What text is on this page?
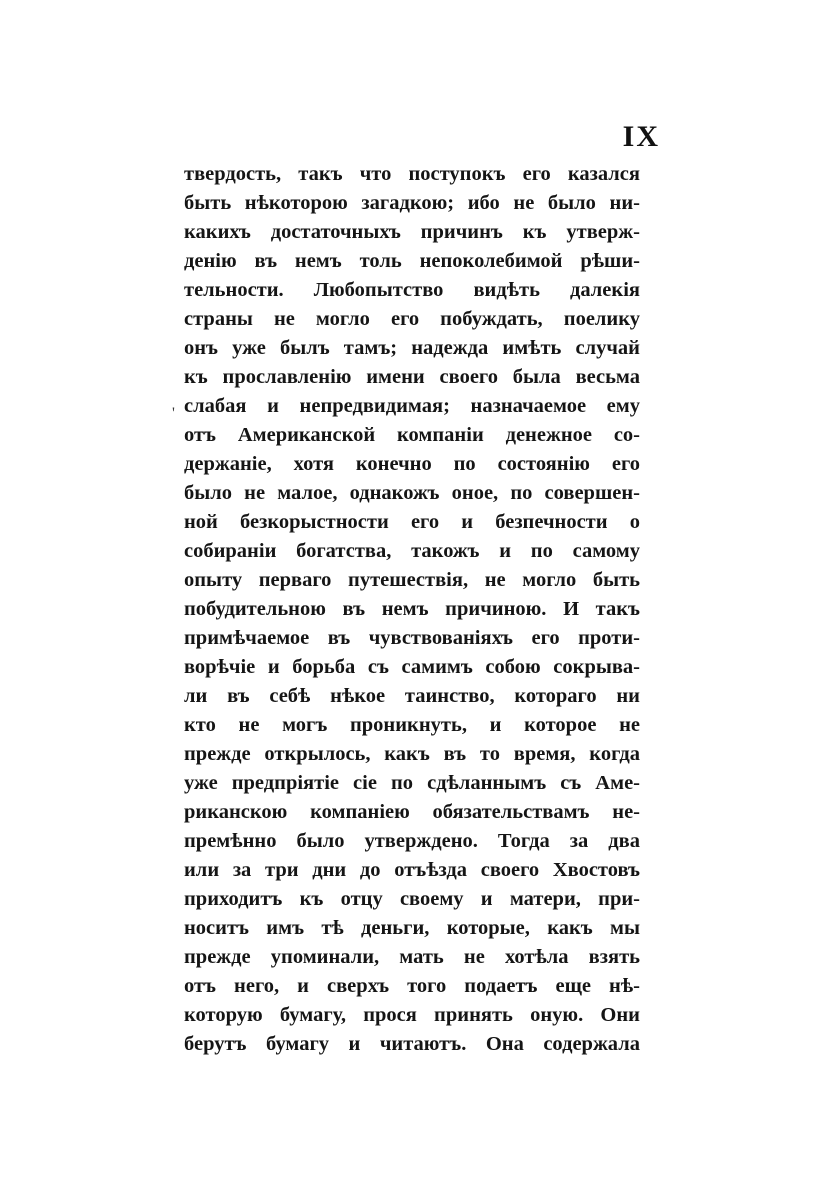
IX
'
твердость, такъ что поступокъ его казался
быть нѣкоторою загадкою; ибо не было ни-
какихъ достаточныхъ причинъ къ утверж-
денію въ немъ толь непоколебимой рѣши-
тельности. Любопытство видѣть далекія
страны не могло его побуждать, поелику
онъ уже былъ тамъ; надежда имѣть случай
къ прославленію имени своего была весьма
слабая и непредвидимая; назначаемое ему
отъ Американской компаніи денежное со-
держаніе, хотя конечно по состоянію его
было не малое, однакожъ оное, по совершен-
ной безкорыстности его и безпечности о
собираніи богатства, такожъ и по самому
опыту перваго путешествія, не могло быть
побудительною въ немъ причиною. И такъ
примѣчаемое въ чувствованіяхъ его проти-
ворѣчіе и борьба съ самимъ собою сокрыва-
ли въ себѣ нѣкое таинство, котораго ни
кто не могъ проникнуть, и которое не
прежде открылось, какъ въ то время, когда
уже предпріятіе сіе по сдѣланнымъ съ Аме-
риканскою компаніею обязательствамъ не-
премѣнно было утверждено. Тогда за два
или за три дни до отъѣзда своего Хвостовъ
приходитъ къ отцу своему и матери, при-
носитъ имъ тѣ деньги, которые, какъ мы
прежде упоминали, мать не хотѣла взять
отъ него, и сверхъ того подаетъ еще нѣ-
которую бумагу, прося принять оную. Они
берутъ бумагу и читаютъ. Она содержала
